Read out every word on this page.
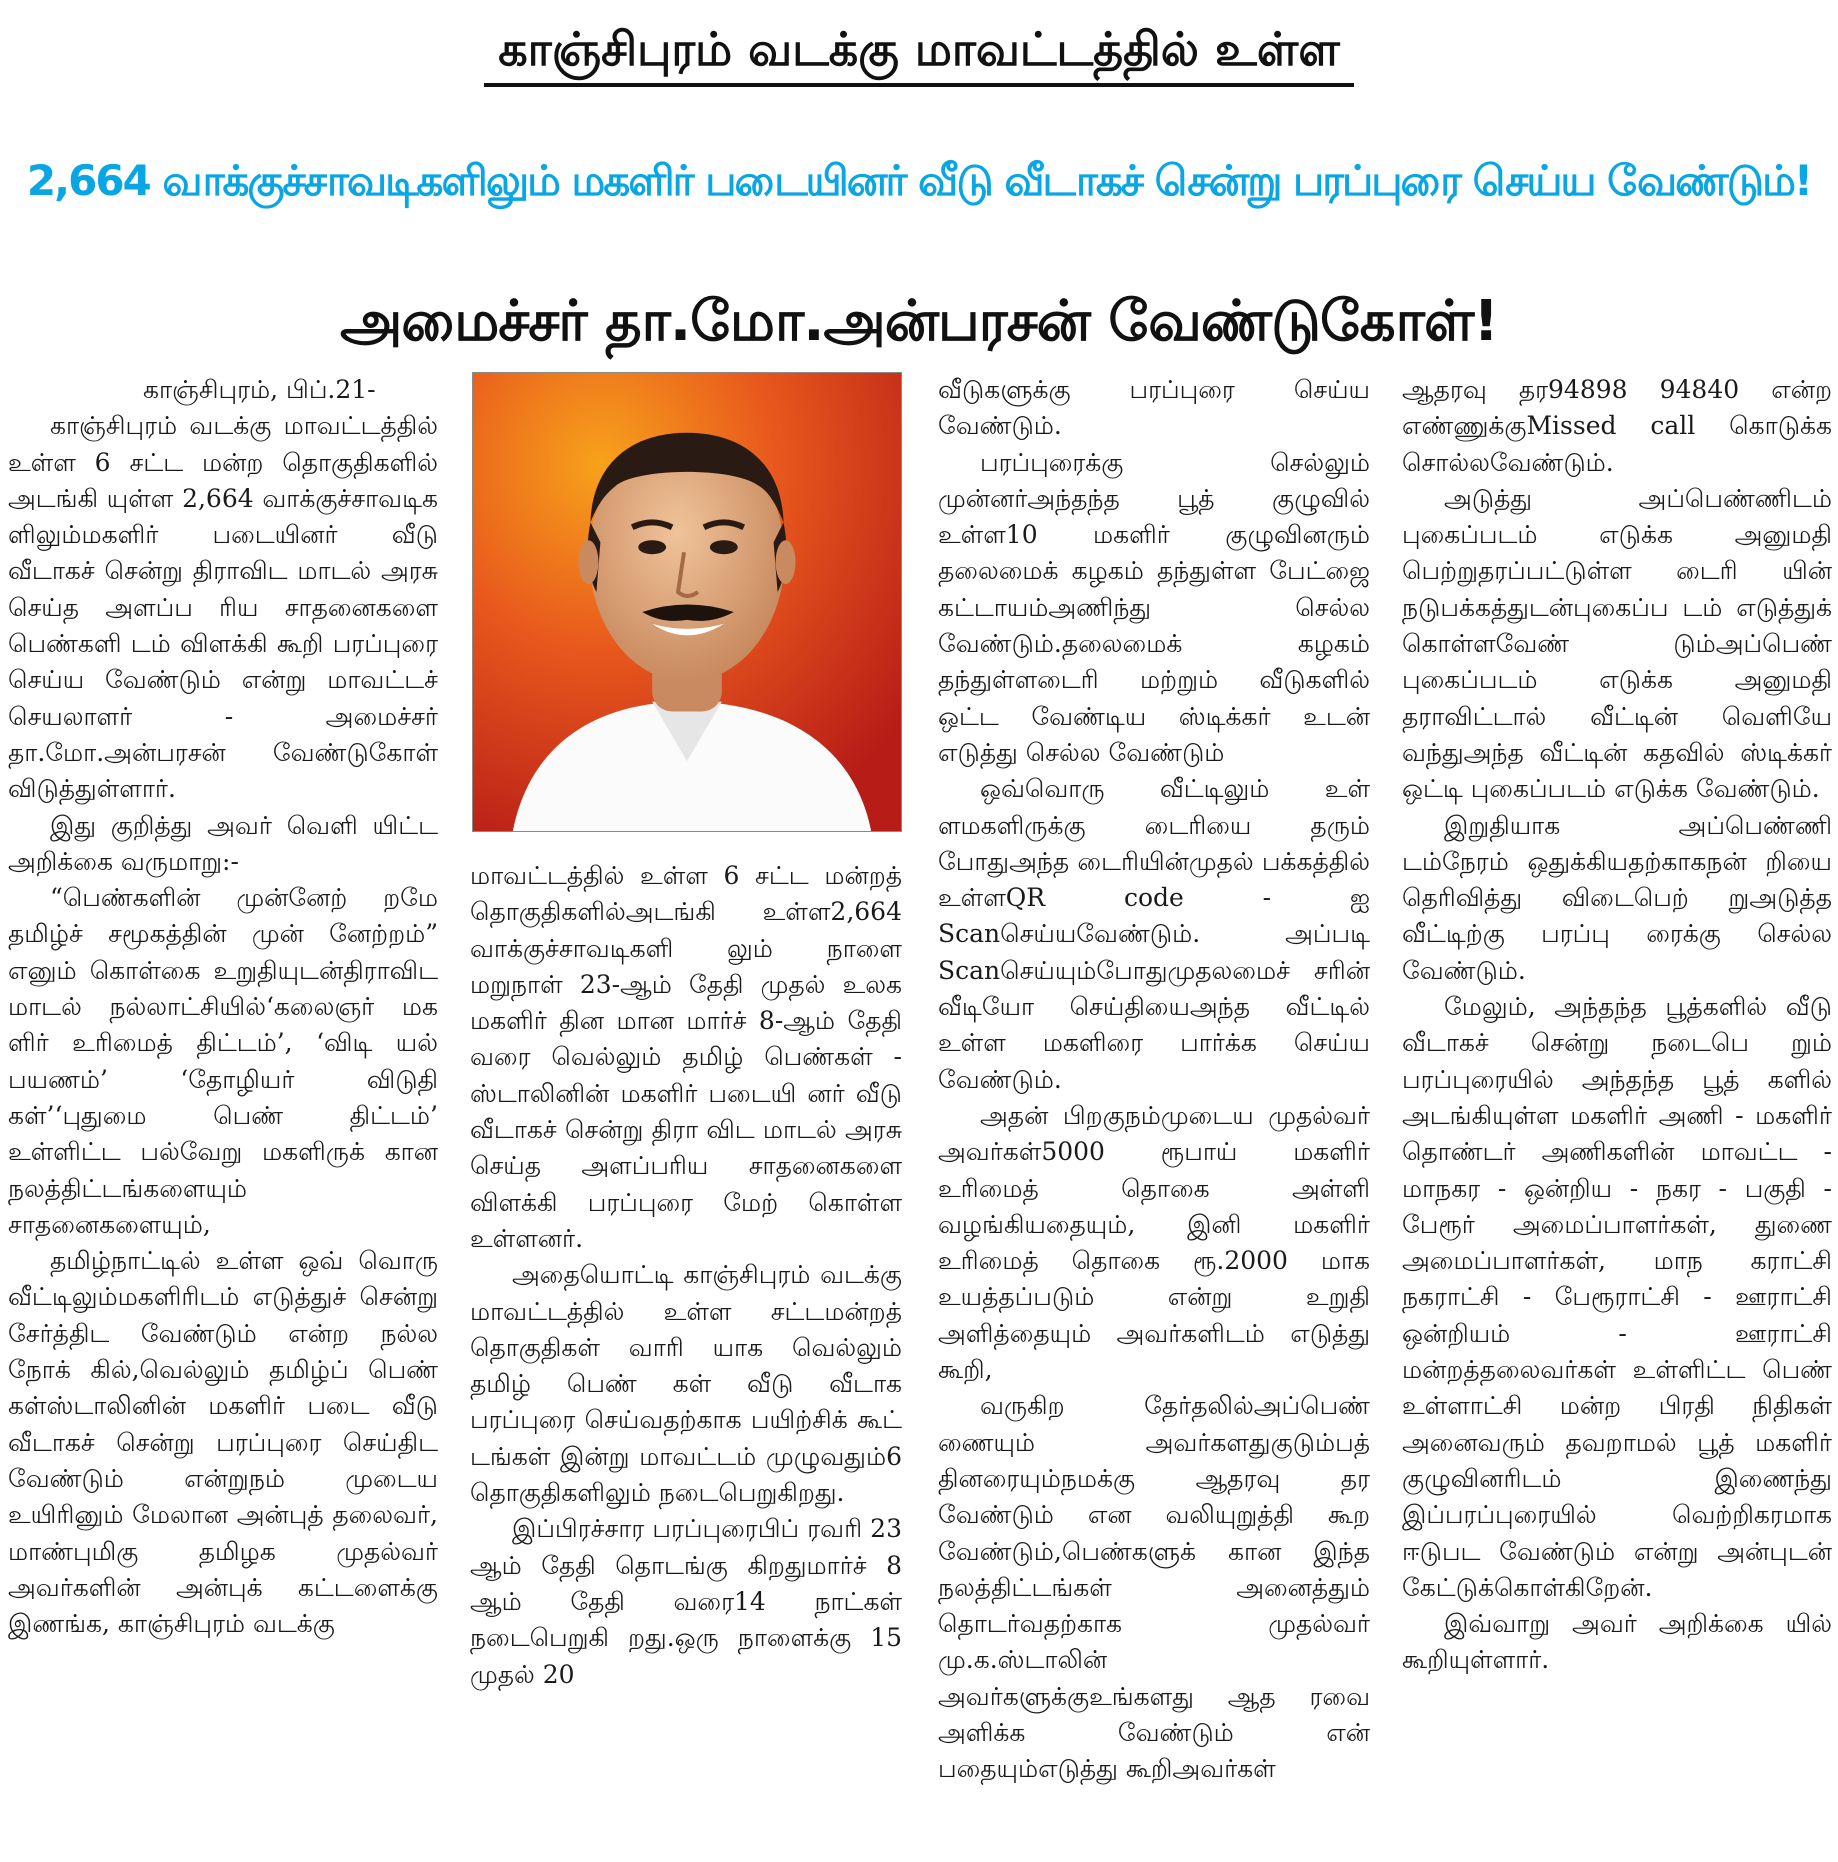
காஞ்சிபுரம் வடக்கு மாவட்டத்தில் உள்ள
2,664 வாக்குச்சாவடிகளிலும் மகளிர் படையினர் வீடு வீடாகச் சென்று பரப்புரை செய்ய வேண்டும்!
அமைச்சர் தா.மோ.அன்பரசன் வேண்டுகோள்!

காஞ்சிபுரம், பிப்.21-

காஞ்சிபுரம் வடக்கு மாவட்டத்தில் உள்ள 6 சட்ட மன்ற தொகுதிகளில் அடங்கி யுள்ள 2,664 வாக்குச்சாவடிக ளிலும்மகளிர் படையினர் வீடு வீடாகச் சென்று திராவிட மாடல் அரசு செய்த அளப்ப ரிய சாதனைகளை பெண்களி டம் விளக்கி கூறி பரப்புரை செய்ய வேண்டும் என்று மாவட்டச் செயலாளர் - அமைச்சர் தா.மோ.அன்பரசன் வேண்டுகோள் விடுத்துள்ளார்.

இது குறித்து அவர் வெளி யிட்ட அறிக்கை வருமாறு:-

“பெண்களின் முன்னேற் றமே தமிழ்ச் சமூகத்தின் முன் னேற்றம்” எனும் கொள்கை உறுதியுடன்திராவிட மாடல் நல்லாட்சியில்‘கலைஞர் மக ளிர் உரிமைத் திட்டம்’, ‘விடி யல் பயணம்’ ‘தோழியர் விடுதி கள்’‘புதுமை பெண் திட்டம்’ உள்ளிட்ட பல்வேறு மகளிருக் கான நலத்திட்டங்களையும் சாதனைகளையும்,

தமிழ்நாட்டில் உள்ள ஒவ் வொரு வீட்டிலும்மகளிரிடம் எடுத்துச் சென்று சேர்த்திட வேண்டும் என்ற நல்ல நோக் கில்,வெல்லும் தமிழ்ப் பெண் கள்ஸ்டாலினின் மகளிர் படை வீடு வீடாகச் சென்று பரப்புரை செய்திட வேண்டும் என்றுநம் முடைய உயிரினும் மேலான அன்புத் தலைவர், மாண்புமிகு தமிழக முதல்வர் அவர்களின் அன்புக் கட்டளைக்கு இணங்க, காஞ்சிபுரம் வடக்கு

மாவட்டத்தில் உள்ள 6 சட்ட மன்றத் தொகுதிகளில்அடங்கி உள்ள2,664 வாக்குச்சாவடிகளி லும் நாளை மறுநாள் 23-ஆம் தேதி முதல் உலக மகளிர் தின மான மார்ச் 8-ஆம் தேதி வரை வெல்லும் தமிழ் பெண்கள் - ஸ்டாலினின் மகளிர் படையி னர் வீடு வீடாகச் சென்று திரா விட மாடல் அரசு செய்த அளப்பரிய சாதனைகளை விளக்கி பரப்புரை மேற் கொள்ள உள்ளனர்.

அதையொட்டி காஞ்சிபுரம் வடக்கு மாவட்டத்தில் உள்ள சட்டமன்றத் தொகுதிகள் வாரி யாக வெல்லும் தமிழ் பெண் கள் வீடு வீடாக பரப்புரை செய்வதற்காக பயிற்சிக் கூட் டங்கள் இன்று மாவட்டம் முழுவதும்6 தொகுதிகளிலும் நடைபெறுகிறது.

இப்பிரச்சார பரப்புரைபிப் ரவரி 23 ஆம் தேதி தொடங்கு கிறதுமார்ச் 8 ஆம் தேதி வரை14 நாட்கள் நடைபெறுகி றது.ஒரு நாளைக்கு 15 முதல் 20

வீடுகளுக்கு பரப்புரை செய்ய வேண்டும்.

பரப்புரைக்கு செல்லும் முன்னர்அந்தந்த பூத் குழுவில் உள்ள10 மகளிர் குழுவினரும் தலைமைக் கழகம் தந்துள்ள பேட்ஜை கட்டாயம்அணிந்து செல்ல வேண்டும்.தலைமைக் கழகம் தந்துள்ளடைரி மற்றும் வீடுகளில் ஒட்ட வேண்டிய ஸ்டிக்கர் உடன் எடுத்து செல்ல வேண்டும்

ஒவ்வொரு வீட்டிலும் உள் ளமகளிருக்கு டைரியை தரும் போதுஅந்த டைரியின்முதல் பக்கத்தில் உள்ளQR code - ஐ Scanசெய்யவேண்டும். அப்படி Scanசெய்யும்போதுமுதலமைச் சரின் வீடியோ செய்தியைஅந்த வீட்டில் உள்ள மகளிரை பார்க்க செய்ய வேண்டும்.

அதன் பிறகுநம்முடைய முதல்வர் அவர்கள்5000 ரூபாய் மகளிர் உரிமைத் தொகை அள்ளி வழங்கியதையும், இனி மகளிர் உரிமைத் தொகை ரூ.2000 மாக உயத்தப்படும் என்று உறுதி அளித்தையும் அவர்களிடம் எடுத்து கூறி,

வருகிற தேர்தலில்அப்பெண் ணையும் அவர்களதுகுடும்பத் தினரையும்நமக்கு ஆதரவு தர வேண்டும் என வலியுறுத்தி கூற வேண்டும்,பெண்களுக் கான இந்த நலத்திட்டங்கள் அனைத்தும் தொடர்வதற்காக முதல்வர் மு.க.ஸ்டாலின் அவர்களுக்குஉங்களது ஆத ரவை அளிக்க வேண்டும் என் பதையும்எடுத்து கூறிஅவர்கள்

ஆதரவு தர94898 94840 என்ற எண்ணுக்குMissed call கொடுக்க சொல்லவேண்டும்.

அடுத்து அப்பெண்ணிடம் புகைப்படம் எடுக்க அனுமதி பெற்றுதரப்பட்டுள்ள டைரி யின் நடுபக்கத்துடன்புகைப்ப டம் எடுத்துக் கொள்ளவேண் டும்அப்பெண் புகைப்படம் எடுக்க அனுமதி தராவிட்டால் வீட்டின் வெளியே வந்துஅந்த வீட்டின் கதவில் ஸ்டிக்கர் ஒட்டி புகைப்படம் எடுக்க வேண்டும்.

இறுதியாக அப்பெண்ணி டம்நேரம் ஒதுக்கியதற்காகநன் றியை தெரிவித்து விடைபெற் றுஅடுத்த வீட்டிற்கு பரப்பு ரைக்கு செல்ல வேண்டும்.

மேலும், அந்தந்த பூத்களில் வீடு வீடாகச் சென்று நடைபெ றும் பரப்புரையில் அந்தந்த பூத் களில் அடங்கியுள்ள மகளிர் அணி - மகளிர் தொண்டர் அணிகளின் மாவட்ட - மாநகர - ஒன்றிய - நகர - பகுதி - பேரூர் அமைப்பாளர்கள், துணை அமைப்பாளர்கள், மாந கராட்சி நகராட்சி - பேரூராட்சி - ஊராட்சி ஒன்றியம் - ஊராட்சி மன்றத்தலைவர்கள் உள்ளிட்ட பெண் உள்ளாட்சி மன்ற பிரதி நிதிகள் அனைவரும் தவறாமல் பூத் மகளிர் குழுவினரிடம் இணைந்து இப்பரப்புரையில் வெற்றிகரமாக ஈடுபட வேண்டும் என்று அன்புடன் கேட்டுக்கொள்கிறேன்.

இவ்வாறு அவர் அறிக்கை யில் கூறியுள்ளார்.
